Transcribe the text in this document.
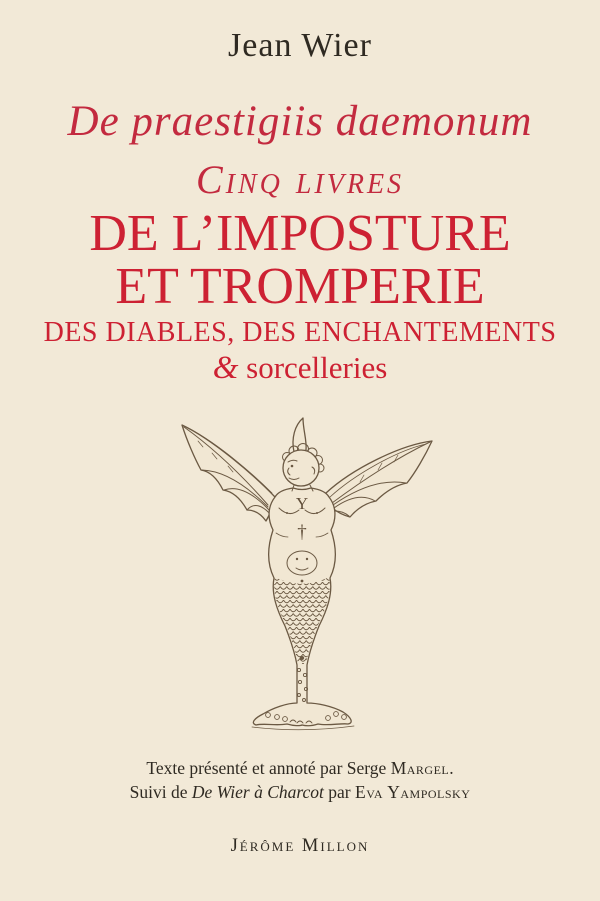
Jean Wier
De praestigiis daemonum
Cinq livres
DE L’IMPOSTURE
ET TROMPERIE
DES DIABLES, DES ENCHANTEMENTS
& sorcelleries
Y
†
Texte présenté et annoté par Serge Margel.
Suivi de De Wier à Charcot par Eva Yampolsky
Jérôme Millon
